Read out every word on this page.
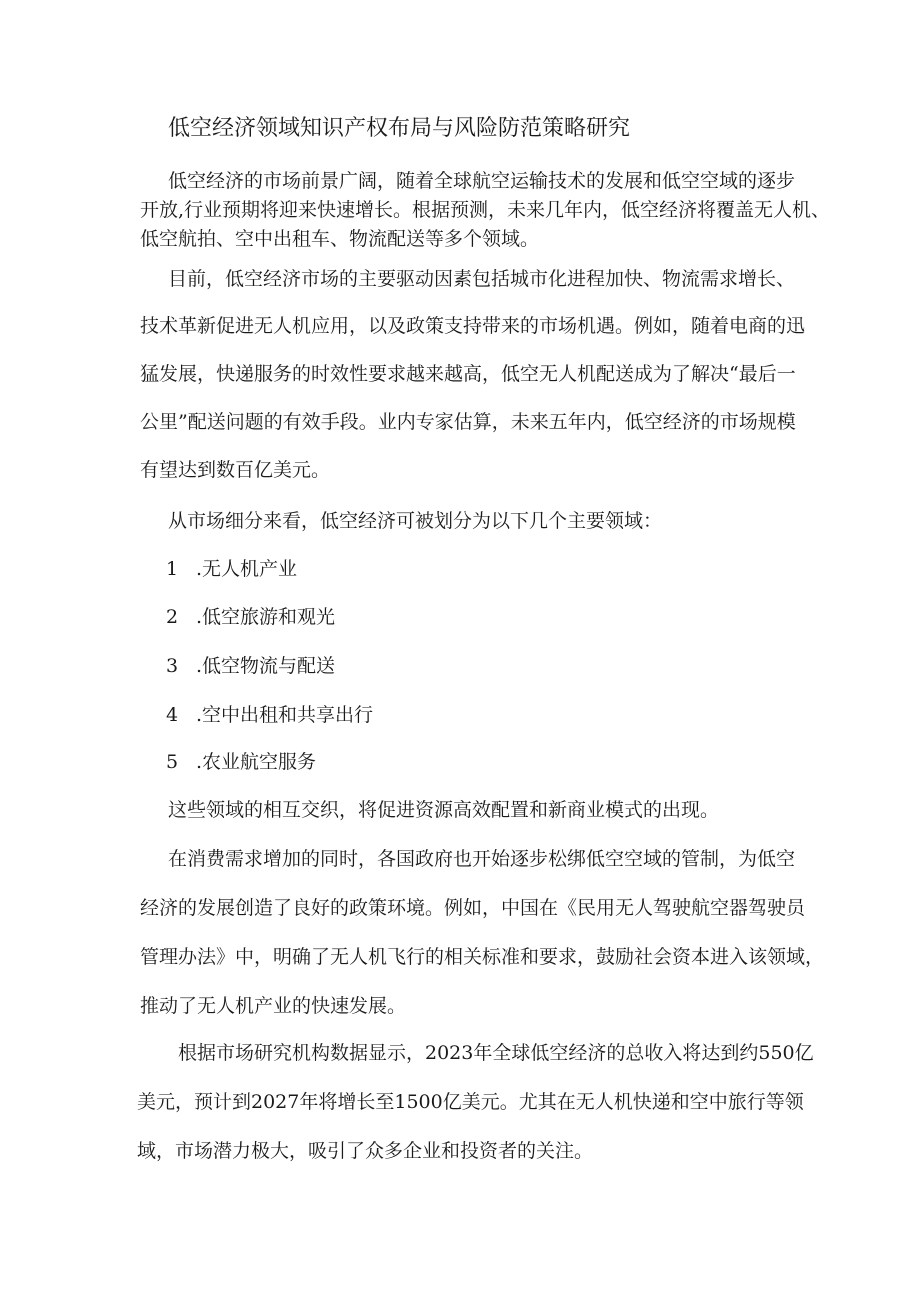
低空经济领域知识产权布局与风险防范策略研究
低空经济的市场前景广阔，随着全球航空运输技术的发展和低空空域的逐步
开放,行业预期将迎来快速增长。根据预测，未来几年内，低空经济将覆盖无人机、
低空航拍、空中出租车、物流配送等多个领域。
目前，低空经济市场的主要驱动因素包括城市化进程加快、物流需求增长、
技术革新促进无人机应用，以及政策支持带来的市场机遇。例如，随着电商的迅
猛发展，快递服务的时效性要求越来越高，低空无人机配送成为了解决“最后一
公里”配送问题的有效手段。业内专家估算，未来五年内，低空经济的市场规模
有望达到数百亿美元。
从市场细分来看，低空经济可被划分为以下几个主要领域：
1 .无人机产业
2 .低空旅游和观光
3 .低空物流与配送
4 .空中出租和共享出行
5 .农业航空服务
这些领域的相互交织，将促进资源高效配置和新商业模式的出现。
在消费需求增加的同时，各国政府也开始逐步松绑低空空域的管制，为低空
经济的发展创造了良好的政策环境。例如，中国在《民用无人驾驶航空器驾驶员
管理办法》中，明确了无人机飞行的相关标准和要求，鼓励社会资本进入该领域，
推动了无人机产业的快速发展。
根据市场研究机构数据显示，2023年全球低空经济的总收入将达到约550亿
美元，预计到2027年将增长至1500亿美元。尤其在无人机快递和空中旅行等领
域，市场潜力极大，吸引了众多企业和投资者的关注。
